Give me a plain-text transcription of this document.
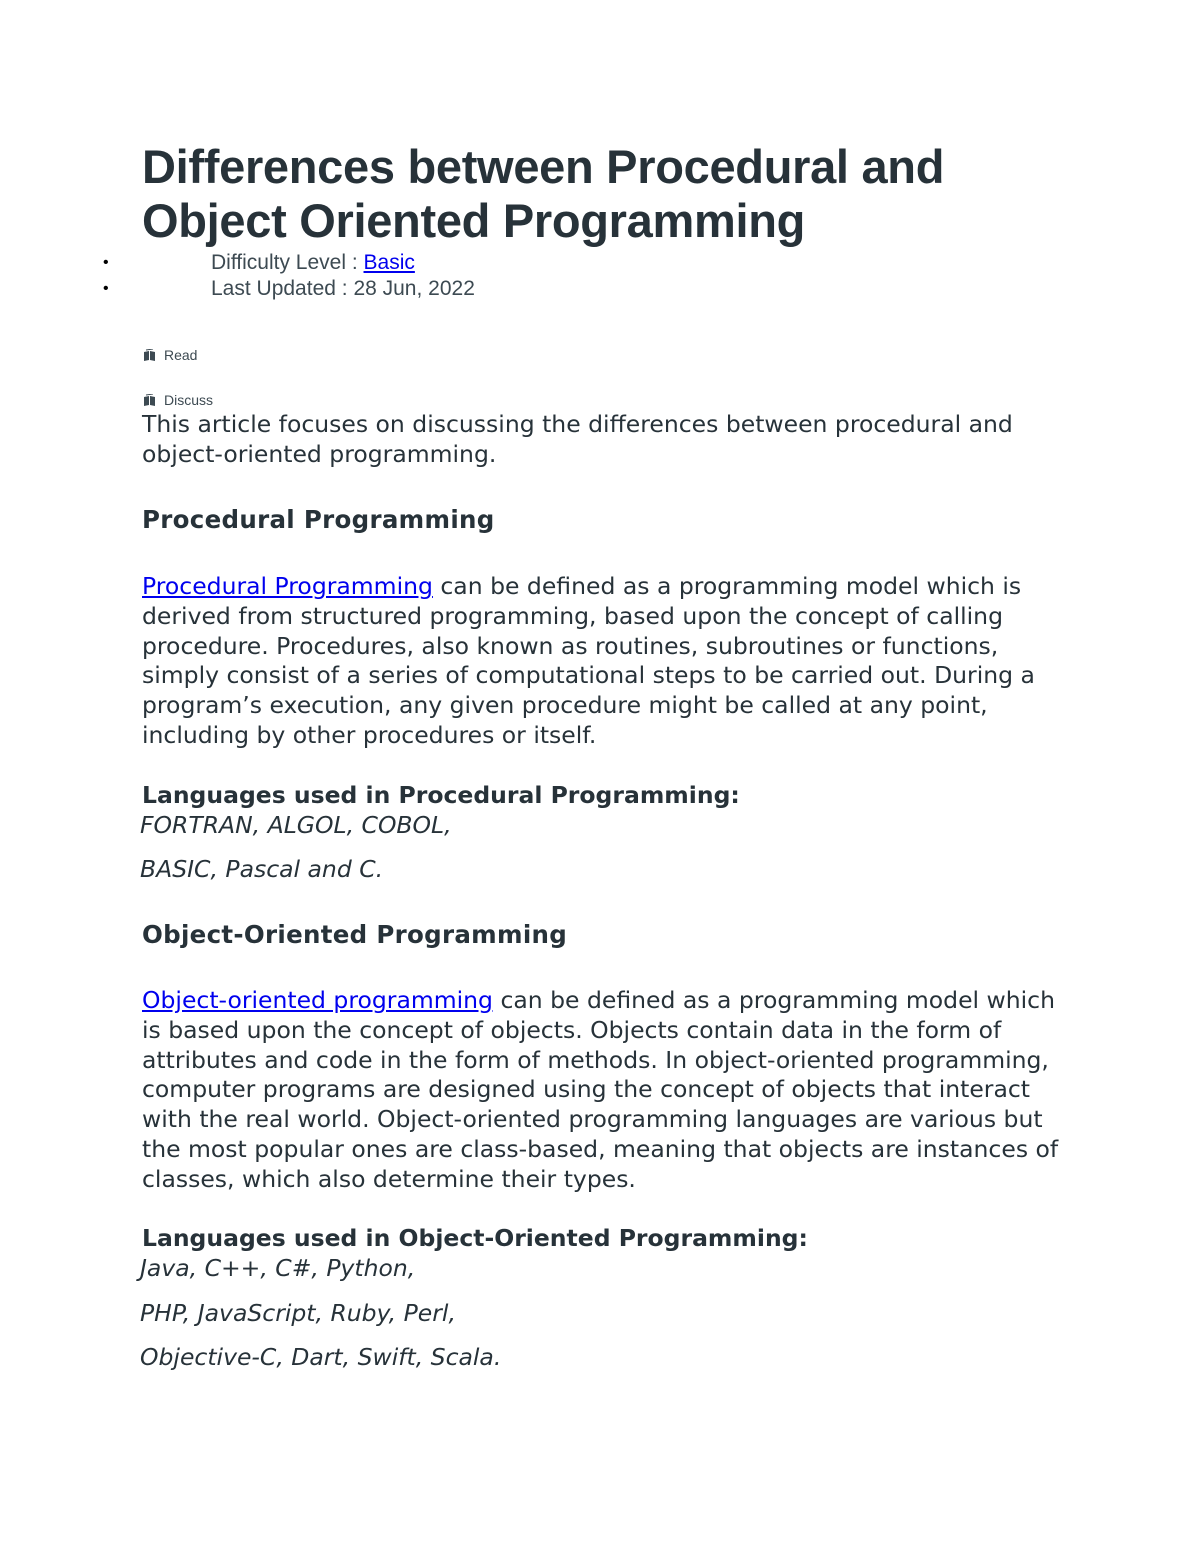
Differences between Procedural and Object Oriented Programming
•	Difficulty Level : Basic
•	Last Updated : 28 Jun, 2022
Read
Discuss

This article focuses on discussing the differences between procedural and object-oriented programming.

Procedural Programming

Procedural Programming can be defined as a programming model which is derived from structured programming, based upon the concept of calling procedure. Procedures, also known as routines, subroutines or functions, simply consist of a series of computational steps to be carried out. During a program’s execution, any given procedure might be called at any point, including by other procedures or itself.

Languages used in Procedural Programming:

FORTRAN, ALGOL, COBOL,

BASIC, Pascal and C.

Object-Oriented Programming

Object-oriented programming can be defined as a programming model which is based upon the concept of objects. Objects contain data in the form of attributes and code in the form of methods. In object-oriented programming, computer programs are designed using the concept of objects that interact with the real world. Object-oriented programming languages are various but the most popular ones are class-based, meaning that objects are instances of classes, which also determine their types.

Languages used in Object-Oriented Programming:

Java, C++, C#, Python,

PHP, JavaScript, Ruby, Perl,

Objective-C, Dart, Swift, Scala.
